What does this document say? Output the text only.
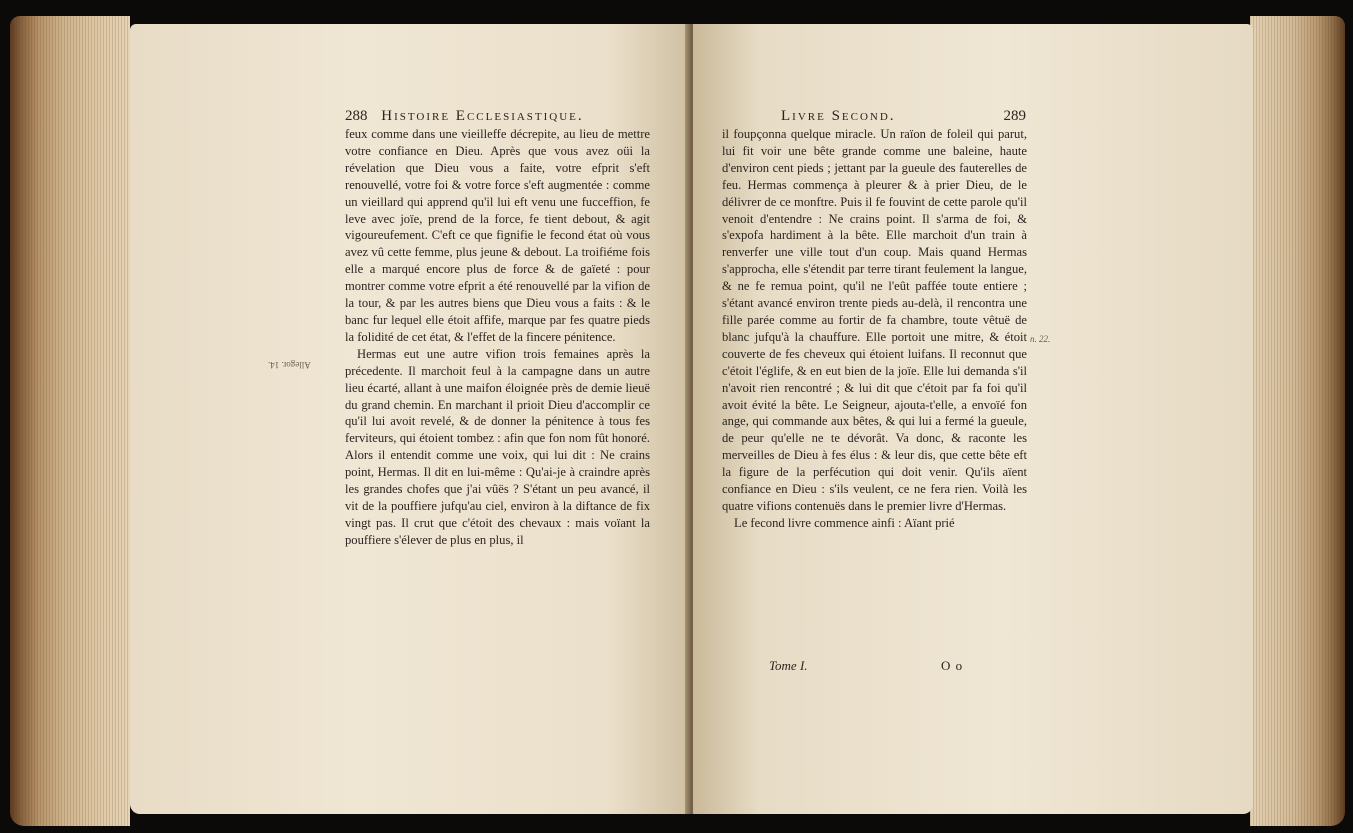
288 Histoire Ecclesiastique.
Allegor. 14.

feux comme dans une vieilleffe décrepite, au lieu de mettre votre confiance en Dieu. Après que vous avez oüi la révelation que Dieu vous a faite, votre efprit s'eft renouvellé, votre foi & votre force s'eft augmentée : comme un vieillard qui apprend qu'il lui eft venu une fucceffion, fe leve avec joïe, prend de la force, fe tient debout, & agit vigoureufement. C'eft ce que fignifie le fecond état où vous avez vû cette femme, plus jeune & debout. La troifiéme fois elle a marqué encore plus de force & de gaïeté : pour montrer comme votre efprit a été renouvellé par la vifion de la tour, & par les autres biens que Dieu vous a faits : & le banc fur lequel elle étoit affife, marque par fes quatre pieds la folidité de cet état, & l'effet de la fincere pénitence.

Hermas eut une autre vifion trois femaines après la précedente. Il marchoit feul à la campagne dans un autre lieu écarté, allant à une maifon éloignée près de demie lieuë du grand chemin. En marchant il prioit Dieu d'accomplir ce qu'il lui avoit revelé, & de donner la pénitence à tous fes ferviteurs, qui étoient tombez : afin que fon nom fût honoré. Alors il entendit comme une voix, qui lui dit : Ne crains point, Hermas. Il dit en lui-même : Qu'ai-je à craindre après les grandes chofes que j'ai vûës ? S'étant un peu avancé, il vit de la pouffiere jufqu'au ciel, environ à la diftance de fix vingt pas. Il crut que c'étoit des chevaux : mais voïant la pouffiere s'élever de plus en plus, il

Livre Second.	289
n. 22.

il foupçonna quelque miracle. Un raïon de foleil qui parut, lui fit voir une bête grande comme une baleine, haute d'environ cent pieds ; jettant par la gueule des fauterelles de feu. Hermas commença à pleurer & à prier Dieu, de le délivrer de ce monftre. Puis il fe fouvint de cette parole qu'il venoit d'entendre : Ne crains point. Il s'arma de foi, & s'expofa hardiment à la bête. Elle marchoit d'un train à renverfer une ville tout d'un coup. Mais quand Hermas s'approcha, elle s'étendit par terre tirant feulement la langue, & ne fe remua point, qu'il ne l'eût paffée toute entiere ; s'étant avancé environ trente pieds au-delà, il rencontra une fille parée comme au fortir de fa chambre, toute vêtuë de blanc jufqu'à la chauffure. Elle portoit une mitre, & étoit couverte de fes cheveux qui étoient luifans. Il reconnut que c'étoit l'églife, & en eut bien de la joïe. Elle lui demanda s'il n'avoit rien rencontré ; & lui dit que c'étoit par fa foi qu'il avoit évité la bête. Le Seigneur, ajouta-t'elle, a envoïé fon ange, qui commande aux bêtes, & qui lui a fermé la gueule, de peur qu'elle ne te dévorât. Va donc, & raconte les merveilles de Dieu à fes élus : & leur dis, que cette bête eft la figure de la perfécution qui doit venir. Qu'ils aïent confiance en Dieu : s'ils veulent, ce ne fera rien. Voilà les quatre vifions contenuës dans le premier livre d'Hermas.

Le fecond livre commence ainfi : Aïant prié

Tome I.	O o
